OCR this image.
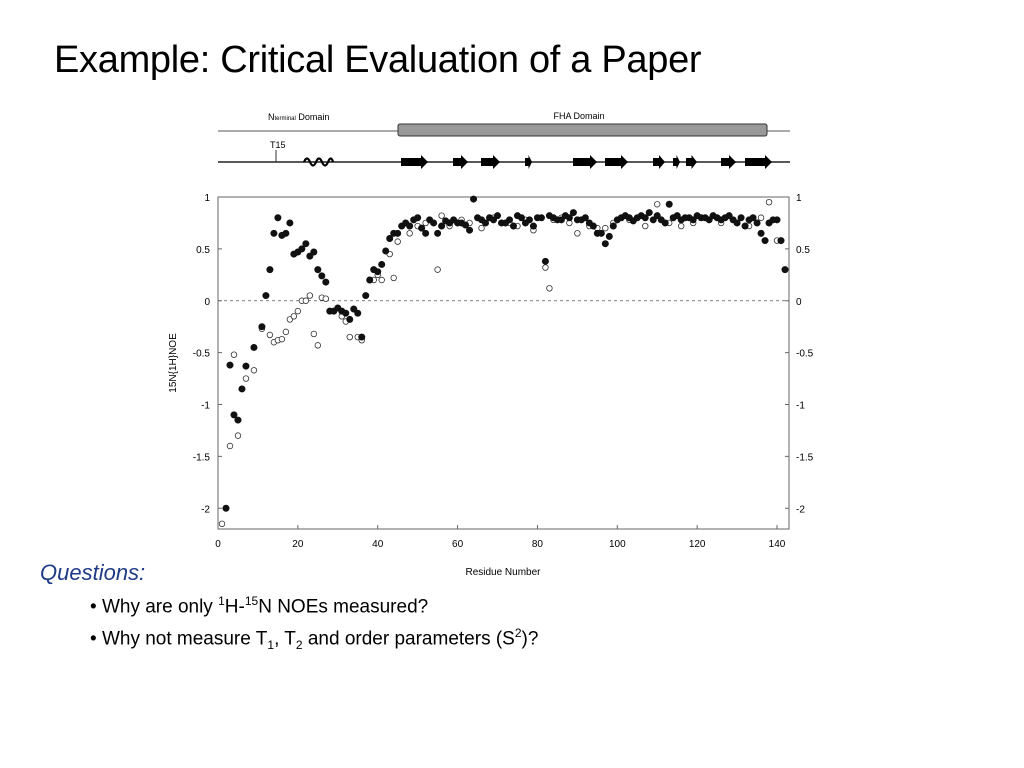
Example: Critical Evaluation of a Paper
Nterminal Domain	FHA Domain
T15
0	20	40	60	80	100	120	140
1
0.5
0
-0.5
-1
-1.5
-2
1
0.5
0
-0.5
-1
-1.5
-2
Residue Number
15N{1H}NOE

Questions:

• Why are only $^1$H-$^{15}$N NOEs measured?

• Why not measure $T_1$, $T_2$ and order parameters $(S^2)$?
